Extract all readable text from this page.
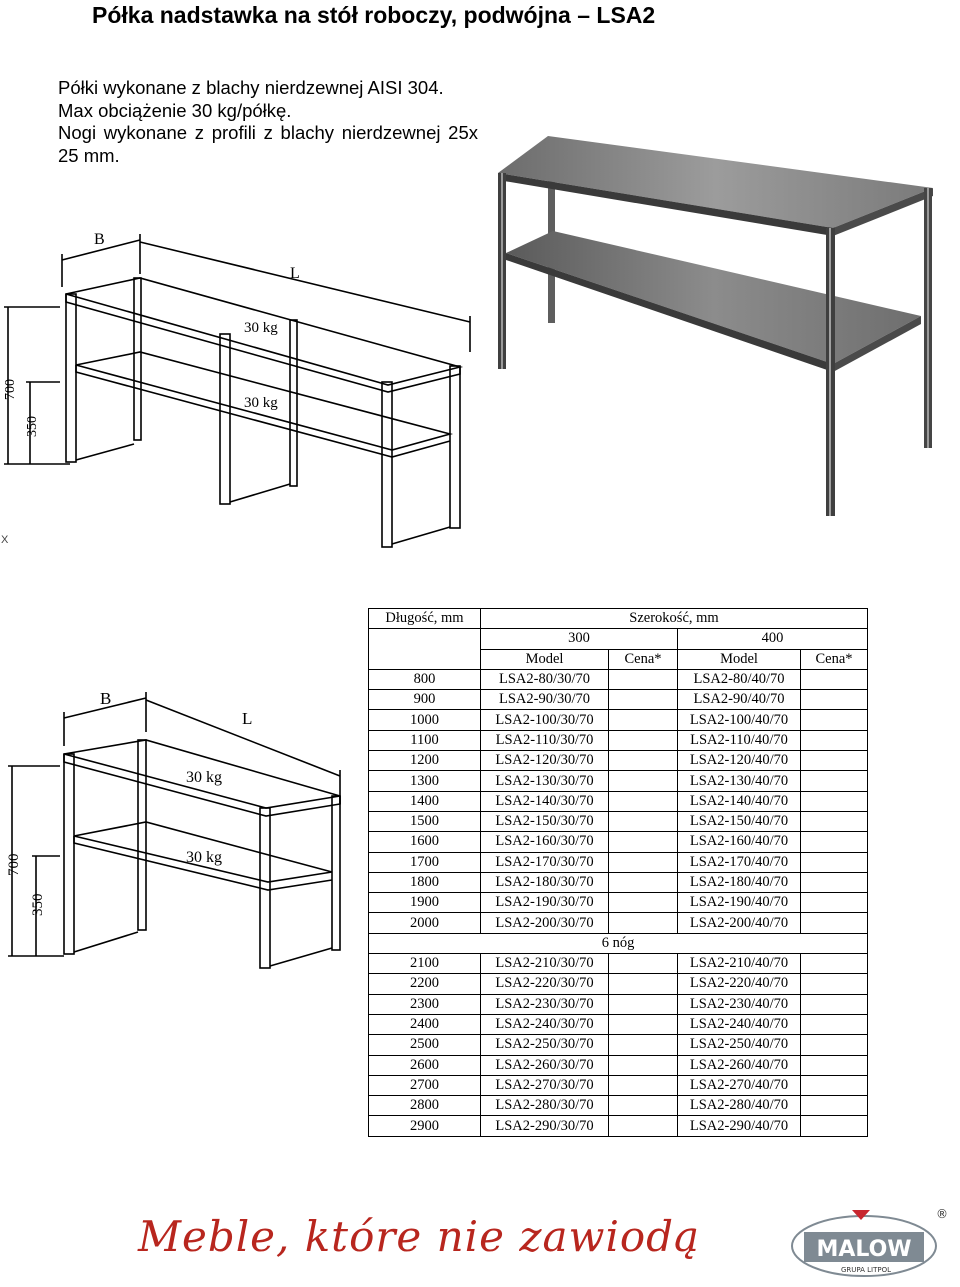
Półka nadstawka na stół roboczy, podwójna – LSA2
Półki wykonane z blachy nierdzewnej AISI 304.
Max obciążenie 30 kg/półkę.
Nogi wykonane z profili z blachy nierdzewnej 25x 25 mm.
B
L
30 kg
30 kg
700
350
X
B
L
30 kg
30 kg
700
350
Długość, mm	Szerokość, mm			
	300		400	
	Model	Cena*	Model	Cena*
800	LSA2-80/30/70		LSA2-80/40/70	
900	LSA2-90/30/70		LSA2-90/40/70	
1000	LSA2-100/30/70		LSA2-100/40/70	
1100	LSA2-110/30/70		LSA2-110/40/70	
1200	LSA2-120/30/70		LSA2-120/40/70	
1300	LSA2-130/30/70		LSA2-130/40/70	
1400	LSA2-140/30/70		LSA2-140/40/70	
1500	LSA2-150/30/70		LSA2-150/40/70	
1600	LSA2-160/30/70		LSA2-160/40/70	
1700	LSA2-170/30/70		LSA2-170/40/70	
1800	LSA2-180/30/70		LSA2-180/40/70	
1900	LSA2-190/30/70		LSA2-190/40/70	
2000	LSA2-200/30/70		LSA2-200/40/70	
6 nóg				
2100	LSA2-210/30/70		LSA2-210/40/70	
2200	LSA2-220/30/70		LSA2-220/40/70	
2300	LSA2-230/30/70		LSA2-230/40/70	
2400	LSA2-240/30/70		LSA2-240/40/70	
2500	LSA2-250/30/70		LSA2-250/40/70	
2600	LSA2-260/30/70		LSA2-260/40/70	
2700	LSA2-270/30/70		LSA2-270/40/70	
2800	LSA2-280/30/70		LSA2-280/40/70	
2900	LSA2-290/30/70		LSA2-290/40/70	
Meble, które nie zawiodą	MALOW
GRUPA LITPOL
®
